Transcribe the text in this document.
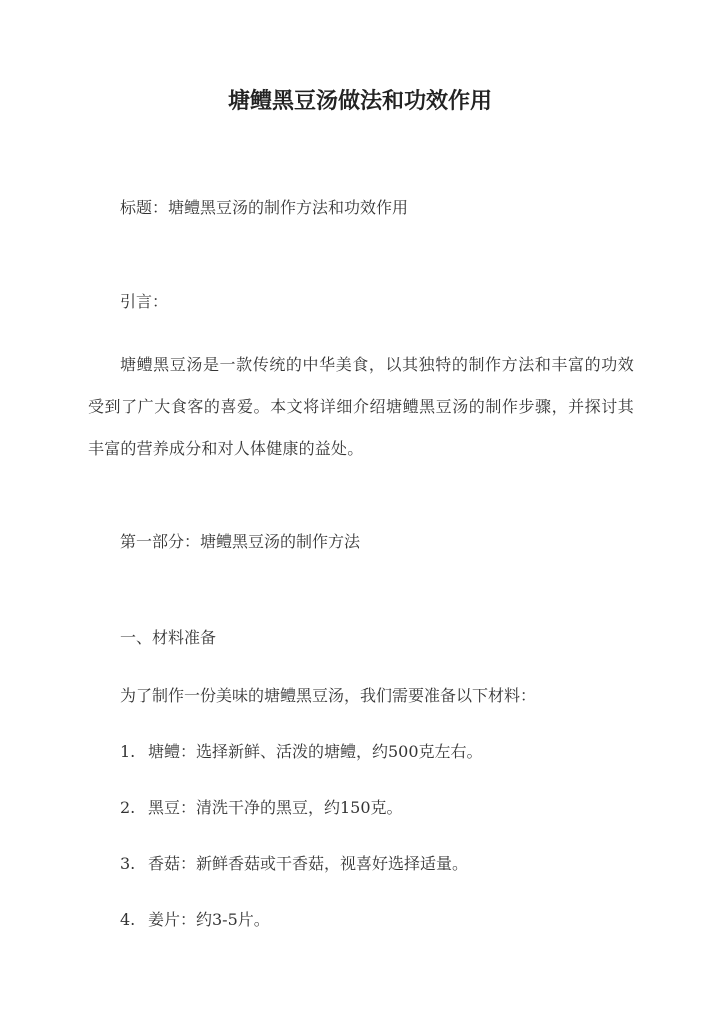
塘鳢黑豆汤做法和功效作用
标题：塘鳢黑豆汤的制作方法和功效作用
引言：
塘鳢黑豆汤是一款传统的中华美食，以其独特的制作方法和丰富的功效受到了广大食客的喜爱。本文将详细介绍塘鳢黑豆汤的制作步骤，并探讨其丰富的营养成分和对人体健康的益处。
第一部分：塘鳢黑豆汤的制作方法
一、材料准备
为了制作一份美味的塘鳢黑豆汤，我们需要准备以下材料：
1. 塘鳢：选择新鲜、活泼的塘鳢，约500克左右。
2. 黑豆：清洗干净的黑豆，约150克。
3. 香菇：新鲜香菇或干香菇，视喜好选择适量。
4. 姜片：约3-5片。
